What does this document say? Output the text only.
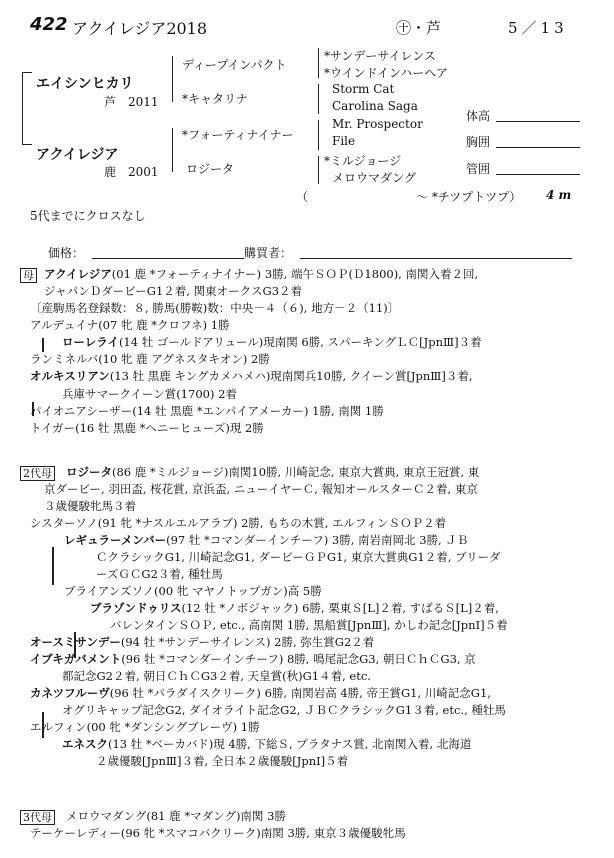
422 アクイレジア2018	㊉・芦	5／13
エイシンヒカリ
芦　2011
アクイレジア
鹿　2001
ディープインパクト
*キャタリナ
*フォーティナイナー
ロジータ
*サンデーサイレンス
*ウインドインハーヘア
Storm Cat
Carolina Saga
Mr. Prospector
File
*ミルジョージ
メロウマダング
（　　　　　　　　　〜 *チツプトツプ） 4 m
5代までにクロスなし
体高
胸囲
管囲
価格：	購買者：
母 アクイレジア(01 鹿 *フォーティナイナー) 3勝, 端午ＳＯＰ(Ｄ1800), 南関入着２回,
ジャパンＤダービーG1２着, 関東オークスG3２着
〔産駒馬名登録数：８, 勝馬(勝鞍)数：中央－４（６), 地方－２（11)〕
アルデュイナ(07 牝 鹿 *クロフネ) 1勝
ローレライ(14 牡 ゴールドアリュール)現南関 6勝, スパーキングＬＣ[JpnⅢ]３着
ランミネルバ(10 牝 鹿 アグネスタキオン) 2勝
オルキスリアン(13 牡 黒鹿 キングカメハメハ)現南関兵10勝, クイーン賞[JpnⅢ]３着,
兵庫サマークイーン賞(1700) 2着
パイオニアシーザー(14 牡 黒鹿 *エンパイアメーカー) 1勝, 南関 1勝
トイガー(16 牡 黒鹿 *ヘニーヒューズ)現 2勝
2代母 ロジータ(86 鹿 *ミルジョージ)南関10勝, 川崎記念, 東京大賞典, 東京王冠賞, 東
京ダービー, 羽田盃, 桜花賞, 京浜盃, ニューイヤーＣ, 報知オールスターＣ２着, 東京
３歳優駿牝馬３着
シスターソノ(91 牝 *ナスルエルアラブ) 2勝, もちの木賞, エルフィンＳＯＰ２着
レギュラーメンバー(97 牡 *コマンダーインチーフ) 3勝, 南岩南岡北 3勝, ＪＢ
ＣクラシックG1, 川崎記念G1, ダービーＧＰG1, 東京大賞典G1２着, ブリーダ
ーズＧＣG2３着, 種牡馬
ブライアンズソノ(00 牝 マヤノトップガン)高 5勝
ブラゾンドゥリス(12 牡 *ノボジャック) 6勝, 栗東Ｓ[L]２着, すばるＳ[L]２着,
バレンタインＳＯＰ, etc., 高南関 1勝, 黒船賞[JpnⅢ], かしわ記念[JpnⅠ]５着
オースミサンデー(94 牡 *サンデーサイレンス) 2勝, 弥生賞G2２着
イブキガバメント(96 牡 *コマンダーインチーフ) 8勝, 鳴尾記念G3, 朝日ＣｈＣG3, 京
都記念G2２着, 朝日ＣｈＣG3２着, 天皇賞(秋)G1４着, etc.
カネツフルーヴ(96 牡 *パラダイスクリーク) 6勝, 南関岩高 4勝, 帝王賞G1, 川崎記念G1,
オグリキャップ記念G2, ダイオライト記念G2, ＪＢＣクラシックG1３着, etc., 種牡馬
エルフィン(00 牝 *ダンシングブレーヴ) 1勝
エネスク(13 牡 *ベーカバド)現 4勝, 下総Ｓ, プラタナス賞, 北南関入着, 北海道
２歳優駿[JpnⅢ]３着, 全日本２歳優駿[JpnⅠ]５着
3代母 メロウマダング(81 鹿 *マダング)南関 3勝
テーケーレディー(96 牝 *スマコバクリーク)南関 3勝, 東京３歳優駿牝馬
